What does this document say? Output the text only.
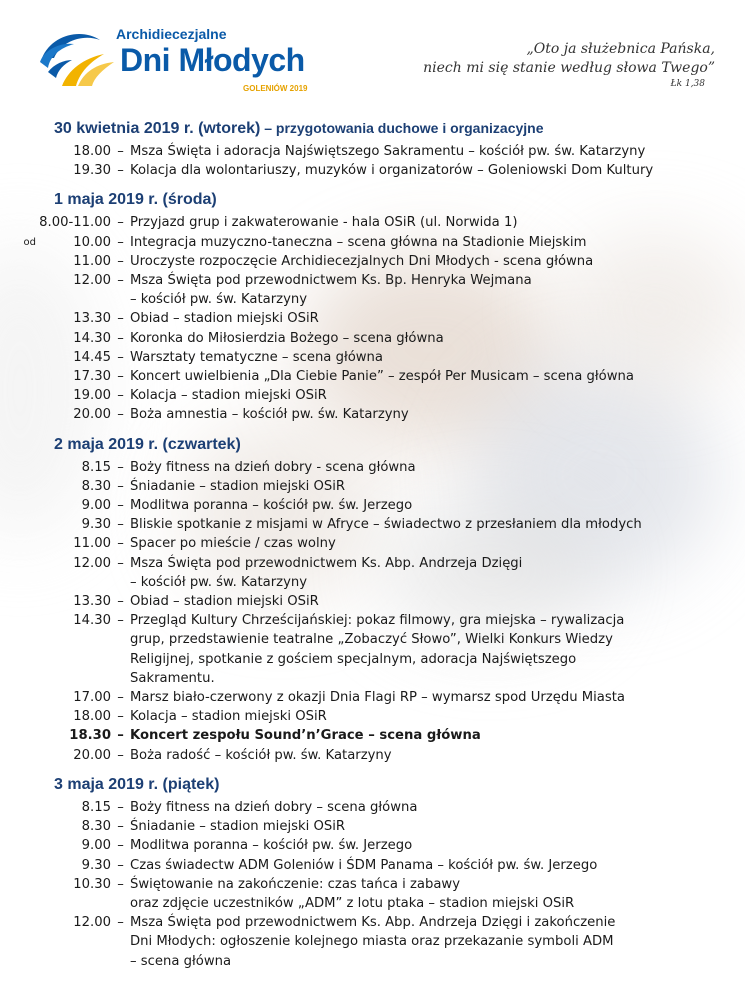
Archidiecezjalne
Dni Młodych
GOLENIÓW 2019
„Oto ja służebnica Pańska,
niech mi się stanie według słowa Twego”
Łk 1,38
30 kwietnia 2019 r. (wtorek) – przygotowania duchowe i organizacyjne
18.00 – Msza Święta i adoracja Najświętszego Sakramentu – kościół pw. św. Katarzyny
19.30 – Kolacja dla wolontariuszy, muzyków i organizatorów – Goleniowski Dom Kultury
1 maja 2019 r. (środa)
8.00-11.00 – Przyjazd grup i zakwaterowanie - hala OSiR (ul. Norwida 1)
od	10.00 – Integracja muzyczno-taneczna – scena główna na Stadionie Miejskim
11.00 – Uroczyste rozpoczęcie Archidiecezjalnych Dni Młodych - scena główna
12.00 – Msza Święta pod przewodnictwem Ks. Bp. Henryka Wejmana
– kościół pw. św. Katarzyny
13.30 – Obiad – stadion miejski OSiR
14.30 – Koronka do Miłosierdzia Bożego – scena główna
14.45 – Warsztaty tematyczne – scena główna
17.30 – Koncert uwielbienia „Dla Ciebie Panie” – zespół Per Musicam – scena główna
19.00 – Kolacja – stadion miejski OSiR
20.00 – Boża amnestia – kościół pw. św. Katarzyny
2 maja 2019 r. (czwartek)
8.15 – Boży fitness na dzień dobry - scena główna
8.30 – Śniadanie – stadion miejski OSiR
9.00 – Modlitwa poranna – kościół pw. św. Jerzego
9.30 – Bliskie spotkanie z misjami w Afryce – świadectwo z przesłaniem dla młodych
11.00 – Spacer po mieście / czas wolny
12.00 – Msza Święta pod przewodnictwem Ks. Abp. Andrzeja Dzięgi
– kościół pw. św. Katarzyny
13.30 – Obiad – stadion miejski OSiR
14.30 – Przegląd Kultury Chrześcijańskiej: pokaz filmowy, gra miejska – rywalizacja
grup, przedstawienie teatralne „Zobaczyć Słowo”, Wielki Konkurs Wiedzy
Religijnej, spotkanie z gościem specjalnym, adoracja Najświętszego
Sakramentu.
17.00 – Marsz biało-czerwony z okazji Dnia Flagi RP – wymarsz spod Urzędu Miasta
18.00 – Kolacja – stadion miejski OSiR
18.30 – Koncert zespołu Sound’n’Grace – scena główna
20.00 – Boża radość – kościół pw. św. Katarzyny
3 maja 2019 r. (piątek)
8.15 – Boży fitness na dzień dobry – scena główna
8.30 – Śniadanie – stadion miejski OSiR
9.00 – Modlitwa poranna – kościół pw. św. Jerzego
9.30 – Czas świadectw ADM Goleniów i ŚDM Panama – kościół pw. św. Jerzego
10.30 – Świętowanie na zakończenie: czas tańca i zabawy
oraz zdjęcie uczestników „ADM” z lotu ptaka – stadion miejski OSiR
12.00 – Msza Święta pod przewodnictwem Ks. Abp. Andrzeja Dzięgi i zakończenie
Dni Młodych: ogłoszenie kolejnego miasta oraz przekazanie symboli ADM
– scena główna
